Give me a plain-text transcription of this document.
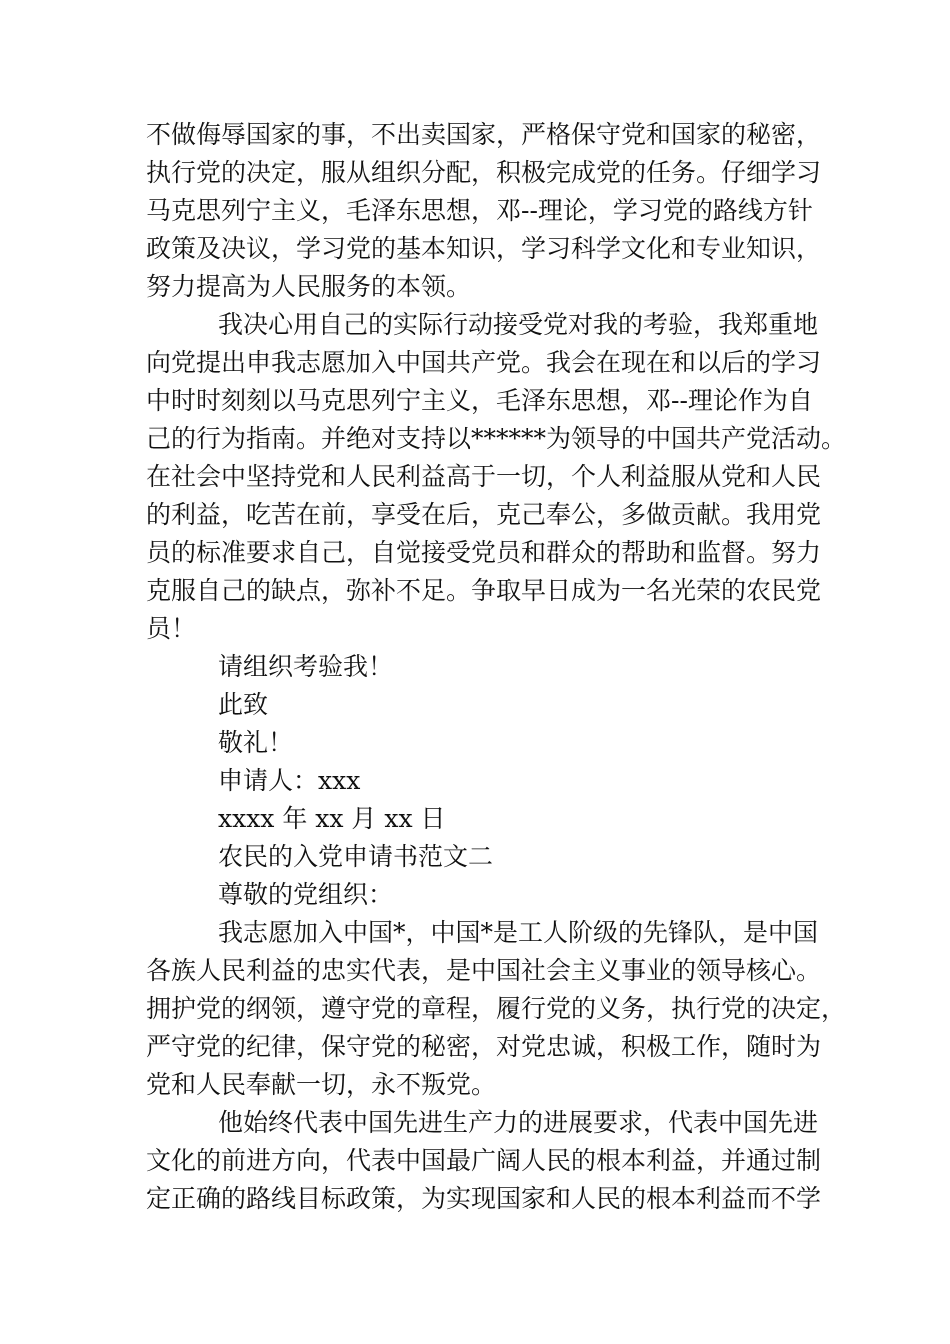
不做侮辱国家的事，不出卖国家，严格保守党和国家的秘密，
执行党的决定，服从组织分配，积极完成党的任务。仔细学习
马克思列宁主义，毛泽东思想，邓--理论，学习党的路线方针
政策及决议，学习党的基本知识，学习科学文化和专业知识，
努力提高为人民服务的本领。
我决心用自己的实际行动接受党对我的考验，我郑重地
向党提出申我志愿加入中国共产党。我会在现在和以后的学习
中时时刻刻以马克思列宁主义，毛泽东思想，邓--理论作为自
己的行为指南。并绝对支持以******为领导的中国共产党活动。
在社会中坚持党和人民利益高于一切，个人利益服从党和人民
的利益，吃苦在前，享受在后，克己奉公，多做贡献。我用党
员的标准要求自己，自觉接受党员和群众的帮助和监督。努力
克服自己的缺点，弥补不足。争取早日成为一名光荣的农民党
员！
请组织考验我！
此致
敬礼！
申请人：xxx
xxxx 年 xx 月 xx 日
农民的入党申请书范文二
尊敬的党组织：
我志愿加入中国*，中国*是工人阶级的先锋队，是中国
各族人民利益的忠实代表，是中国社会主义事业的领导核心。
拥护党的纲领，遵守党的章程，履行党的义务，执行党的决定，
严守党的纪律，保守党的秘密，对党忠诚，积极工作，随时为
党和人民奉献一切，永不叛党。
他始终代表中国先进生产力的进展要求，代表中国先进
文化的前进方向，代表中国最广阔人民的根本利益，并通过制
定正确的路线目标政策，为实现国家和人民的根本利益而不学
